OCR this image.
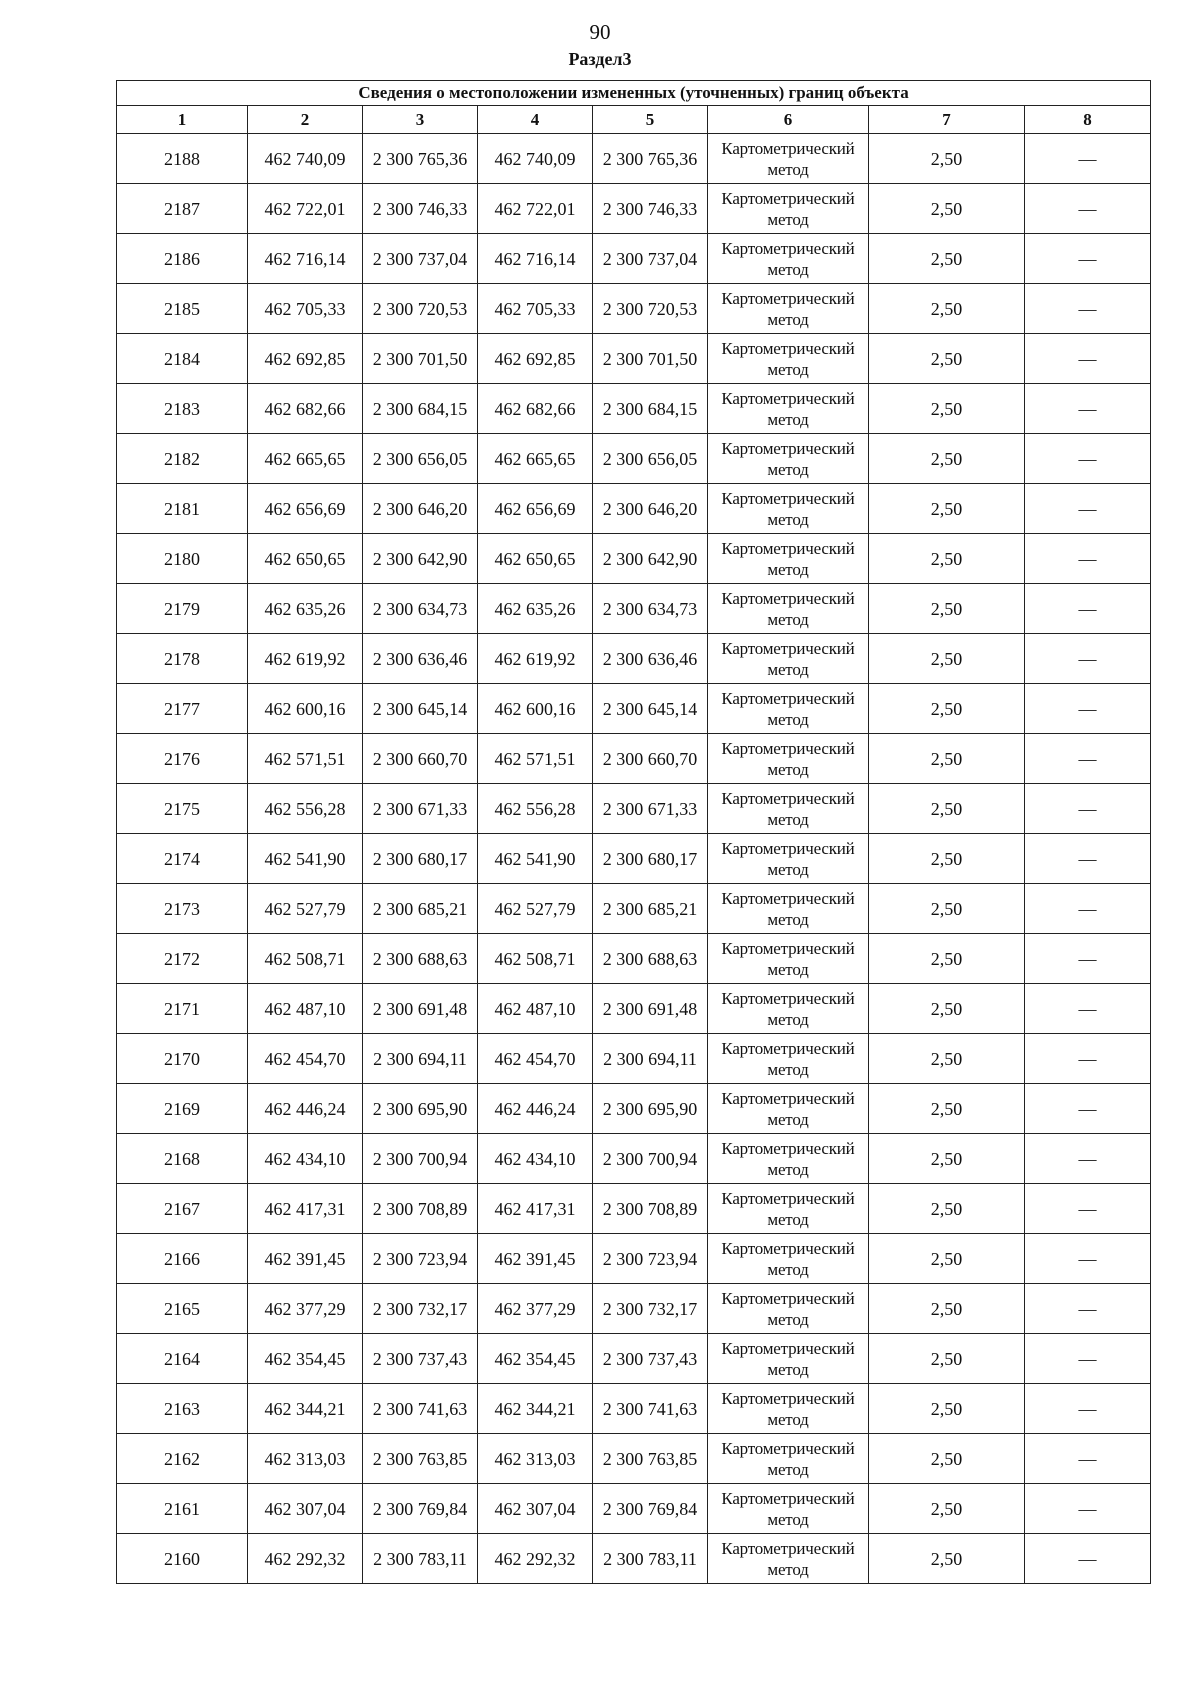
90
Раздел3
Сведения о местоположении измененных (уточненных) границ объекта							
1	2	3	4	5	6	7	8
2188	462 740,09	2 300 765,36	462 740,09	2 300 765,36	Картометрический метод	2,50	—
2187	462 722,01	2 300 746,33	462 722,01	2 300 746,33	Картометрический метод	2,50	—
2186	462 716,14	2 300 737,04	462 716,14	2 300 737,04	Картометрический метод	2,50	—
2185	462 705,33	2 300 720,53	462 705,33	2 300 720,53	Картометрический метод	2,50	—
2184	462 692,85	2 300 701,50	462 692,85	2 300 701,50	Картометрический метод	2,50	—
2183	462 682,66	2 300 684,15	462 682,66	2 300 684,15	Картометрический метод	2,50	—
2182	462 665,65	2 300 656,05	462 665,65	2 300 656,05	Картометрический метод	2,50	—
2181	462 656,69	2 300 646,20	462 656,69	2 300 646,20	Картометрический метод	2,50	—
2180	462 650,65	2 300 642,90	462 650,65	2 300 642,90	Картометрический метод	2,50	—
2179	462 635,26	2 300 634,73	462 635,26	2 300 634,73	Картометрический метод	2,50	—
2178	462 619,92	2 300 636,46	462 619,92	2 300 636,46	Картометрический метод	2,50	—
2177	462 600,16	2 300 645,14	462 600,16	2 300 645,14	Картометрический метод	2,50	—
2176	462 571,51	2 300 660,70	462 571,51	2 300 660,70	Картометрический метод	2,50	—
2175	462 556,28	2 300 671,33	462 556,28	2 300 671,33	Картометрический метод	2,50	—
2174	462 541,90	2 300 680,17	462 541,90	2 300 680,17	Картометрический метод	2,50	—
2173	462 527,79	2 300 685,21	462 527,79	2 300 685,21	Картометрический метод	2,50	—
2172	462 508,71	2 300 688,63	462 508,71	2 300 688,63	Картометрический метод	2,50	—
2171	462 487,10	2 300 691,48	462 487,10	2 300 691,48	Картометрический метод	2,50	—
2170	462 454,70	2 300 694,11	462 454,70	2 300 694,11	Картометрический метод	2,50	—
2169	462 446,24	2 300 695,90	462 446,24	2 300 695,90	Картометрический метод	2,50	—
2168	462 434,10	2 300 700,94	462 434,10	2 300 700,94	Картометрический метод	2,50	—
2167	462 417,31	2 300 708,89	462 417,31	2 300 708,89	Картометрический метод	2,50	—
2166	462 391,45	2 300 723,94	462 391,45	2 300 723,94	Картометрический метод	2,50	—
2165	462 377,29	2 300 732,17	462 377,29	2 300 732,17	Картометрический метод	2,50	—
2164	462 354,45	2 300 737,43	462 354,45	2 300 737,43	Картометрический метод	2,50	—
2163	462 344,21	2 300 741,63	462 344,21	2 300 741,63	Картометрический метод	2,50	—
2162	462 313,03	2 300 763,85	462 313,03	2 300 763,85	Картометрический метод	2,50	—
2161	462 307,04	2 300 769,84	462 307,04	2 300 769,84	Картометрический метод	2,50	—
2160	462 292,32	2 300 783,11	462 292,32	2 300 783,11	Картометрический метод	2,50	—
